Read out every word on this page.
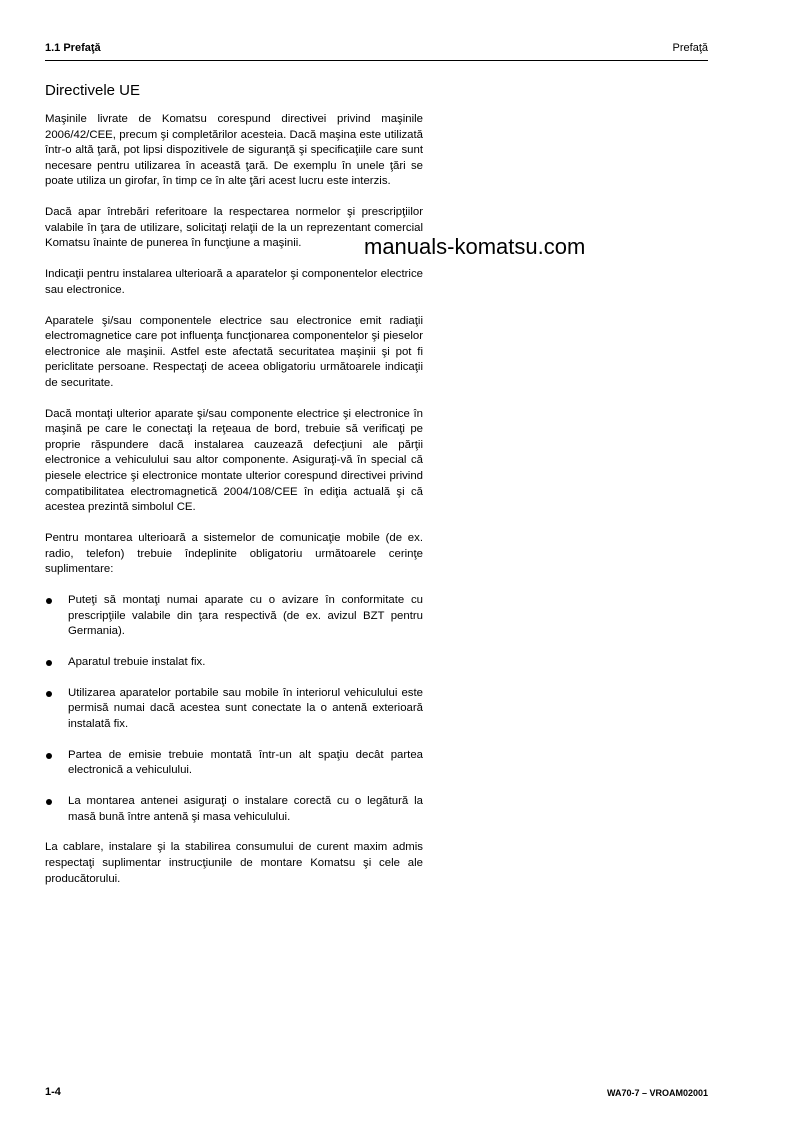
1.1 Prefaţă	Prefaţă
Directivele UE

Maşinile livrate de Komatsu corespund directivei privind maşinile 2006/42/CEE, precum şi completărilor acesteia. Dacă maşina este utilizată într-o altă ţară, pot lipsi dispozitivele de siguranţă şi specificaţiile care sunt necesare pentru utilizarea în această ţară. De exemplu în unele ţări se poate utiliza un girofar, în timp ce în alte ţări acest lucru este interzis.

Dacă apar întrebări referitoare la respectarea normelor şi prescripţiilor valabile în ţara de utilizare, solicitaţi relaţii de la un reprezentant comercial Komatsu înainte de punerea în funcţiune a maşinii.

Indicaţii pentru instalarea ulterioară a aparatelor şi componentelor electrice sau electronice.

Aparatele şi/sau componentele electrice sau electronice emit radiaţii electromagnetice care pot influenţa funcţionarea componentelor şi pieselor electronice ale maşinii. Astfel este afectată securitatea maşinii şi pot fi periclitate persoane. Respectaţi de aceea obligatoriu următoarele indicaţii de securitate.

Dacă montaţi ulterior aparate şi/sau componente electrice şi electronice în maşină pe care le conectaţi la reţeaua de bord, trebuie să verificaţi pe proprie răspundere dacă instalarea cauzează defecţiuni ale părţii electronice a vehiculului sau altor componente. Asiguraţi-vă în special că piesele electrice şi electronice montate ulterior corespund directivei privind compatibilitatea electromagnetică 2004/108/CEE în ediţia actuală şi că acestea prezintă simbolul CE.

Pentru montarea ulterioară a sistemelor de comunicaţie mobile (de ex. radio, telefon) trebuie îndeplinite obligatoriu următoarele cerinţe suplimentare:

Puteţi să montaţi numai aparate cu o avizare în conformitate cu prescripţiile valabile din ţara respectivă (de ex. avizul BZT pentru Germania).
Aparatul trebuie instalat fix.
Utilizarea aparatelor portabile sau mobile în interiorul vehiculului este permisă numai dacă acestea sunt conectate la o antenă exterioară instalată fix.
Partea de emisie trebuie montată într-un alt spaţiu decât partea electronică a vehiculului.
La montarea antenei asiguraţi o instalare corectă cu o legătură la masă bună între antenă şi masa vehiculului.

La cablare, instalare şi la stabilirea consumului de curent maxim admis respectaţi suplimentar instrucţiunile de montare Komatsu şi cele ale producătorului.

manuals-komatsu.com
1-4	WA70-7 – VROAM02001
